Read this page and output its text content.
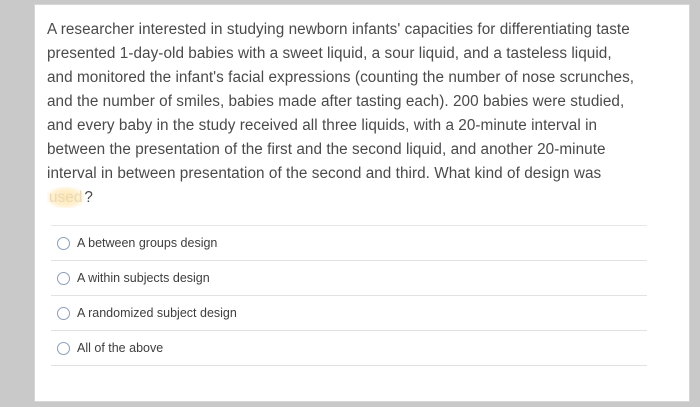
A researcher interested in studying newborn infants' capacities for differentiating taste presented 1-day-old babies with a sweet liquid, a sour liquid, and a tasteless liquid, and monitored the infant's facial expressions (counting the number of nose scrunches, and the number of smiles, babies made after tasting each). 200 babies were studied, and every baby in the study received all three liquids, with a 20-minute interval in between the presentation of the first and the second liquid, and another 20-minute interval in between presentation of the second and third. What kind of design was used ?
A between groups design
A within subjects design
A randomized subject design
All of the above
